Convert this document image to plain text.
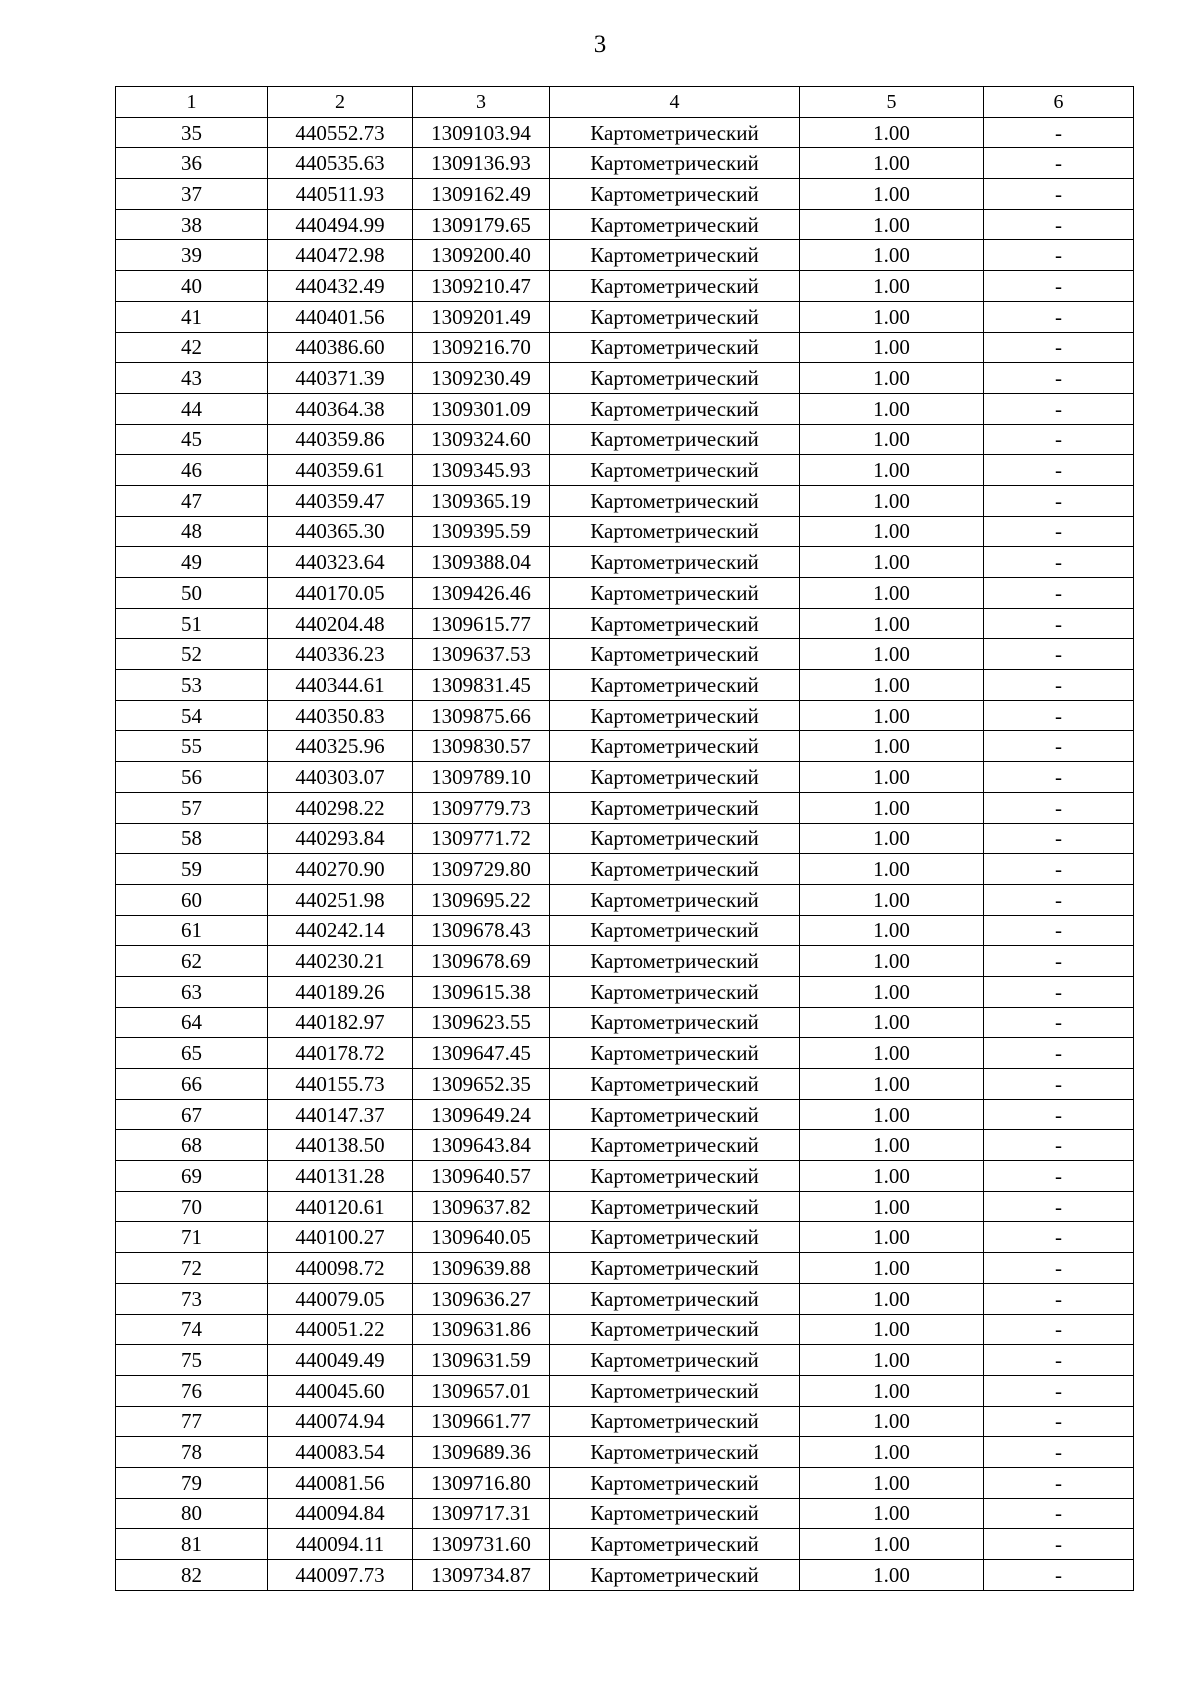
3
1	2	3	4	5	6
35	440552.73	1309103.94	Картометрический	1.00	-
36	440535.63	1309136.93	Картометрический	1.00	-
37	440511.93	1309162.49	Картометрический	1.00	-
38	440494.99	1309179.65	Картометрический	1.00	-
39	440472.98	1309200.40	Картометрический	1.00	-
40	440432.49	1309210.47	Картометрический	1.00	-
41	440401.56	1309201.49	Картометрический	1.00	-
42	440386.60	1309216.70	Картометрический	1.00	-
43	440371.39	1309230.49	Картометрический	1.00	-
44	440364.38	1309301.09	Картометрический	1.00	-
45	440359.86	1309324.60	Картометрический	1.00	-
46	440359.61	1309345.93	Картометрический	1.00	-
47	440359.47	1309365.19	Картометрический	1.00	-
48	440365.30	1309395.59	Картометрический	1.00	-
49	440323.64	1309388.04	Картометрический	1.00	-
50	440170.05	1309426.46	Картометрический	1.00	-
51	440204.48	1309615.77	Картометрический	1.00	-
52	440336.23	1309637.53	Картометрический	1.00	-
53	440344.61	1309831.45	Картометрический	1.00	-
54	440350.83	1309875.66	Картометрический	1.00	-
55	440325.96	1309830.57	Картометрический	1.00	-
56	440303.07	1309789.10	Картометрический	1.00	-
57	440298.22	1309779.73	Картометрический	1.00	-
58	440293.84	1309771.72	Картометрический	1.00	-
59	440270.90	1309729.80	Картометрический	1.00	-
60	440251.98	1309695.22	Картометрический	1.00	-
61	440242.14	1309678.43	Картометрический	1.00	-
62	440230.21	1309678.69	Картометрический	1.00	-
63	440189.26	1309615.38	Картометрический	1.00	-
64	440182.97	1309623.55	Картометрический	1.00	-
65	440178.72	1309647.45	Картометрический	1.00	-
66	440155.73	1309652.35	Картометрический	1.00	-
67	440147.37	1309649.24	Картометрический	1.00	-
68	440138.50	1309643.84	Картометрический	1.00	-
69	440131.28	1309640.57	Картометрический	1.00	-
70	440120.61	1309637.82	Картометрический	1.00	-
71	440100.27	1309640.05	Картометрический	1.00	-
72	440098.72	1309639.88	Картометрический	1.00	-
73	440079.05	1309636.27	Картометрический	1.00	-
74	440051.22	1309631.86	Картометрический	1.00	-
75	440049.49	1309631.59	Картометрический	1.00	-
76	440045.60	1309657.01	Картометрический	1.00	-
77	440074.94	1309661.77	Картометрический	1.00	-
78	440083.54	1309689.36	Картометрический	1.00	-
79	440081.56	1309716.80	Картометрический	1.00	-
80	440094.84	1309717.31	Картометрический	1.00	-
81	440094.11	1309731.60	Картометрический	1.00	-
82	440097.73	1309734.87	Картометрический	1.00	-
